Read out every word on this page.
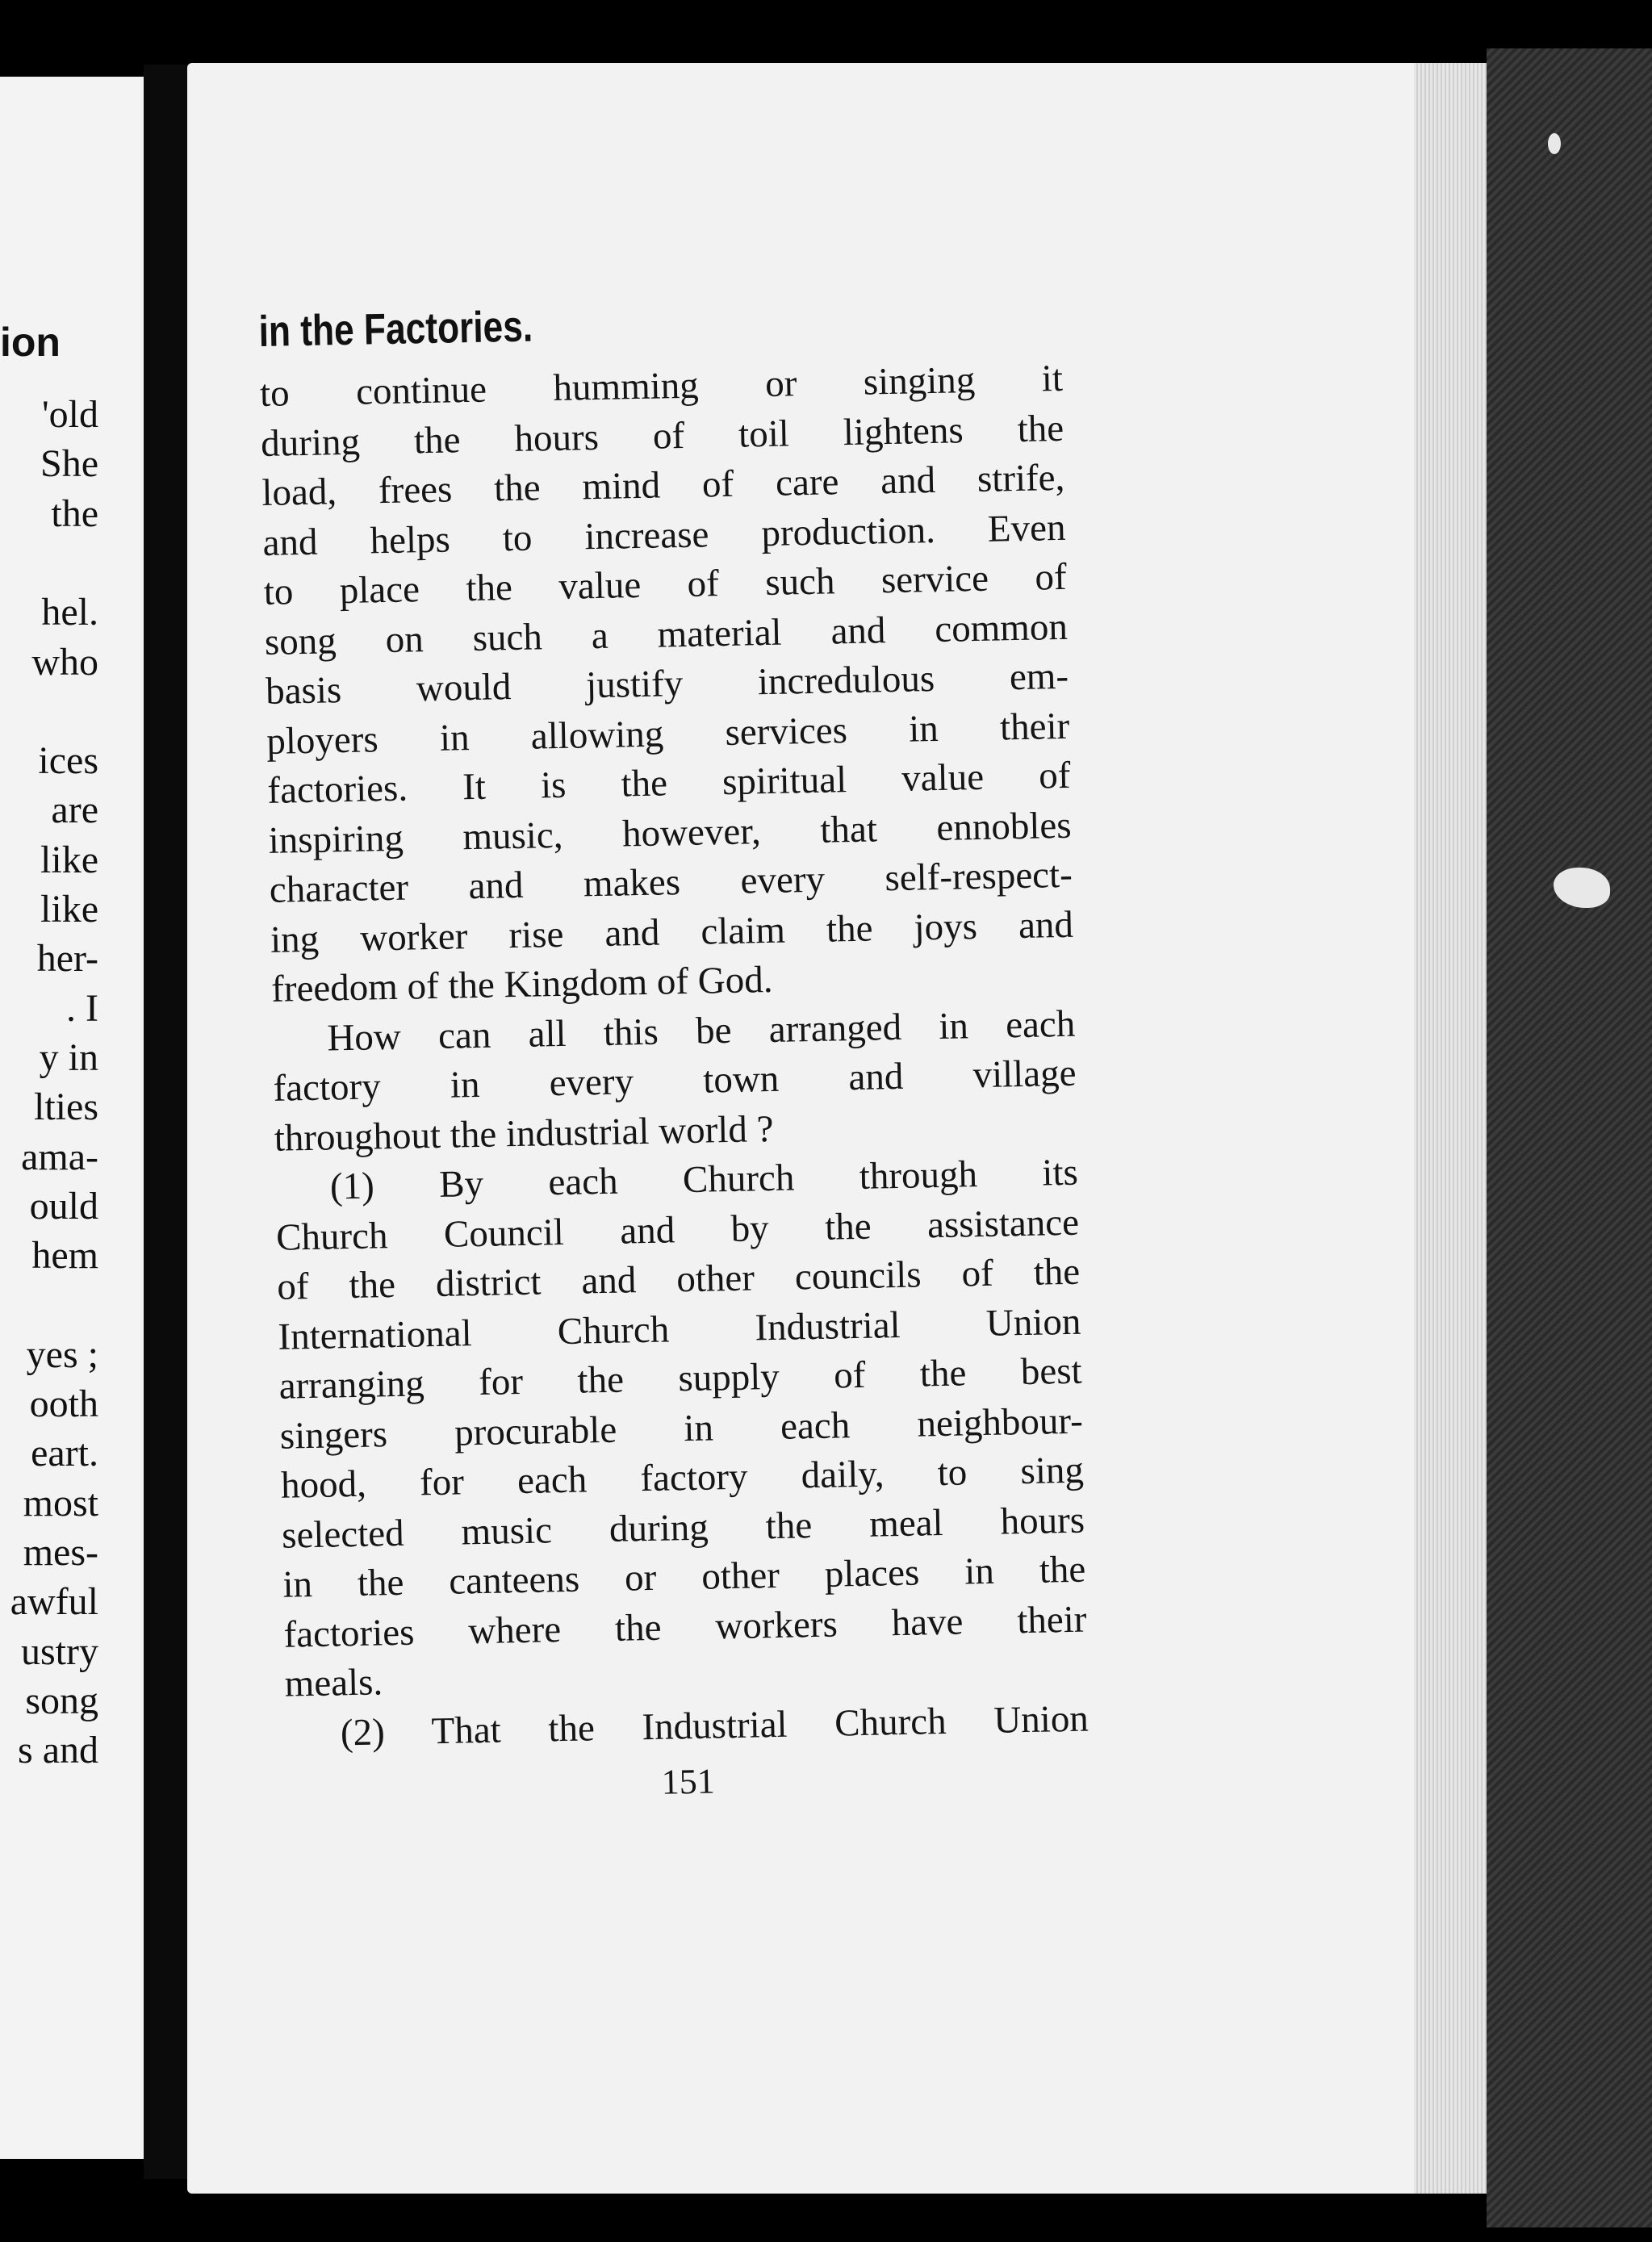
ion
'old
She
the
hel.
who
ices
are
like
like
her-
. I
y in
lties
ama-
ould
hem
yes ;
ooth
eart.
most
mes-
awful
ustry
song
s and
in the Factories.
to continue humming or singing it
during the hours of toil lightens the
load, frees the mind of care and strife,
and helps to increase production. Even
to place the value of such service of
song on such a material and common
basis would justify incredulous em-
ployers in allowing services in their
factories. It is the spiritual value of
inspiring music, however, that ennobles
character and makes every self-respect-
ing worker rise and claim the joys and
freedom of the Kingdom of God.
How can all this be arranged in each
factory in every town and village
throughout the industrial world ?
(1) By each Church through its
Church Council and by the assistance
of the district and other councils of the
International Church Industrial Union
arranging for the supply of the best
singers procurable in each neighbour-
hood, for each factory daily, to sing
selected music during the meal hours
in the canteens or other places in the
factories where the workers have their
meals.
(2) That the Industrial Church Union
151
